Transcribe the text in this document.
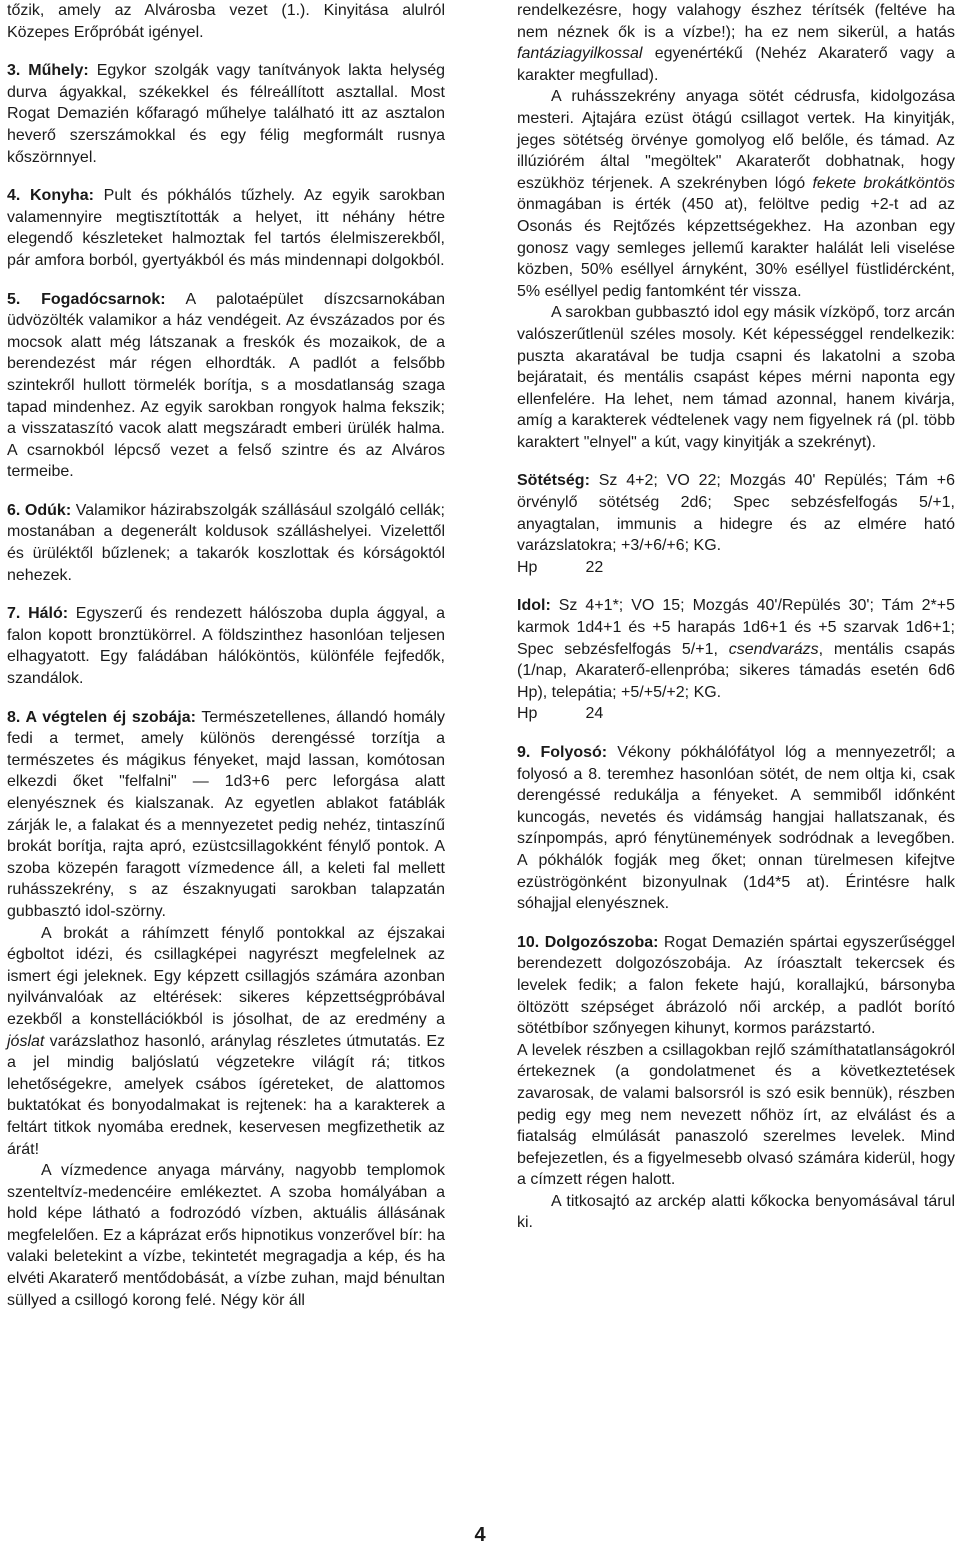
tőzik, amely az Alvárosba vezet (1.). Kinyitása alulról Közepes Erőpróbát igényel.

3. Műhely: Egykor szolgák vagy tanítványok lakta helység durva ágyakkal, székekkel és félreállított asztallal. Most Rogat Demazién kőfaragó műhelye található itt az asztalon heverő szerszámokkal és egy félig megformált rusnya kőszörnnyel.

4. Konyha: Pult és pókhálós tűzhely. Az egyik sarokban valamennyire megtisztították a helyet, itt néhány hétre elegendő készleteket halmoztak fel tartós élelmiszerekből, pár amfora borból, gyertyákból és más mindennapi dolgokból.

5. Fogadócsarnok: A palotaépület díszcsarnokában üdvözölték valamikor a ház vendégeit. Az évszázados por és mocsok alatt még látszanak a freskók és mozaikok, de a berendezést már régen elhordták. A padlót a felsőbb szintekről hullott törmelék borítja, s a mosdatlanság szaga tapad mindenhez. Az egyik sarokban rongyok halma fekszik; a visszataszító vacok alatt megszáradt emberi ürülék halma. A csarnokból lépcső vezet a felső szintre és az Alváros termeibe.

6. Odúk: Valamikor házirabszolgák szállásául szolgáló cellák; mostanában a degenerált koldusok szálláshelyei. Vizelettől és ürüléktől bűzlenek; a takarók koszlottak és kórságoktól nehezek.

7. Háló: Egyszerű és rendezett hálószoba dupla ággyal, a falon kopott bronztükörrel. A földszinthez hasonlóan teljesen elhagyatott. Egy faládában hálóköntös, különféle fejfedők, szandálok.

8. A végtelen éj szobája: Természetellenes, állandó homály fedi a termet, amely különös derengéssé torzítja a természetes és mágikus fényeket, majd lassan, komótosan elkezdi őket "felfalni" — 1d3+6 perc leforgása alatt elenyésznek és kialszanak. Az egyetlen ablakot fatáblák zárják le, a falakat és a mennyezetet pedig nehéz, tintaszínű brokát borítja, rajta apró, ezüstcsillagokként fénylő pontok. A szoba közepén faragott vízmedence áll, a keleti fal mellett ruhásszekrény, s az északnyugati sarokban talapzatán gubbasztó idol-szörny.

A brokát a ráhímzett fénylő pontokkal az éjszakai égboltot idézi, és csillagképei nagyrészt megfelelnek az ismert égi jeleknek. Egy képzett csillagjós számára azonban nyilvánvalóak az eltérések: sikeres képzettségpróbával ezekből a konstellációkból is jósolhat, de az eredmény a jóslat varázslathoz hasonló, aránylag részletes útmutatás. Ez a jel mindig baljóslatú végzetekre világít rá; titkos lehetőségekre, amelyek csábos ígéreteket, de alattomos buktatókat és bonyodalmakat is rejtenek: ha a karakterek a feltárt titkok nyomába erednek, keservesen megfizethetik az árát!

A vízmedence anyaga márvány, nagyobb templomok szenteltvíz-medencéire emlékeztet. A szoba homályában a hold képe látható a fodrozódó vízben, aktuális állásának megfelelően. Ez a káprázat erős hipnotikus vonzerővel bír: ha valaki beletekint a vízbe, tekintetét megragadja a kép, és ha elvéti Akaraterő mentődobását, a vízbe zuhan, majd bénultan süllyed a csillogó korong felé. Négy kör áll

rendelkezésre, hogy valahogy észhez térítsék (feltéve ha nem néznek ők is a vízbe!); ha ez nem sikerül, a hatás fantáziagyilkossal egyenértékű (Nehéz Akaraterő vagy a karakter megfullad).

A ruhásszekrény anyaga sötét cédrusfa, kidolgozása mesteri. Ajtajára ezüst ötágú csillagot vertek. Ha kinyitják, jeges sötétség örvénye gomolyog elő belőle, és támad. Az illúziórém által "megöltek" Akaraterőt dobhatnak, hogy eszükhöz térjenek. A szekrényben lógó fekete brokátköntös önmagában is érték (450 at), felöltve pedig +2-t ad az Osonás és Rejtőzés képzettségekhez. Ha azonban egy gonosz vagy semleges jellemű karakter halálát leli viselése közben, 50% eséllyel árnyként, 30% eséllyel füstlidércként, 5% eséllyel pedig fantomként tér vissza.

A sarokban gubbasztó idol egy másik vízköpő, torz arcán valószerűtlenül széles mosoly. Két képességgel rendelkezik: puszta akaratával be tudja csapni és lakatolni a szoba bejáratait, és mentális csapást képes mérni naponta egy ellenfelére. Ha lehet, nem támad azonnal, hanem kivárja, amíg a karakterek védtelenek vagy nem figyelnek rá (pl. több karaktert "elnyel" a kút, vagy kinyitják a szekrényt).

Sötétség: Sz 4+2; VO 22; Mozgás 40' Repülés; Tám +6 örvénylő sötétség 2d6; Spec sebzésfelfogás 5/+1, anyagtalan, immunis a hidegre és az elmére ható varázslatokra; +3/+6/+6; KG.

Hp	22

Idol: Sz 4+1*; VO 15; Mozgás 40'/Repülés 30'; Tám 2*+5 karmok 1d4+1 és +5 harapás 1d6+1 és +5 szarvak 1d6+1; Spec sebzésfelfogás 5/+1, csendvarázs, mentális csapás (1/nap, Akaraterő-ellenpróba; sikeres támadás esetén 6d6 Hp), telepátia; +5/+5/+2; KG.

Hp	24

9. Folyosó: Vékony pókhálófátyol lóg a mennyezetről; a folyosó a 8. teremhez hasonlóan sötét, de nem oltja ki, csak derengéssé redukálja a fényeket. A semmiből időnként kuncogás, nevetés és vidámság hangjai hallatszanak, és színpompás, apró fénytünemények sodródnak a levegőben. A pókhálók fogják meg őket; onnan türelmesen kifejtve ezüströgönként bizonyulnak (1d4*5 at). Érintésre halk sóhajjal elenyésznek.

10. Dolgozószoba: Rogat Demazién spártai egyszerűséggel berendezett dolgozószobája. Az íróasztalt tekercsek és levelek fedik; a falon fekete hajú, korallajkú, bársonyba öltözött szépséget ábrázoló női arckép, a padlót borító sötétbíbor szőnyegen kihunyt, kormos parázstartó.

A levelek részben a csillagokban rejlő számíthatatlanságokról értekeznek (a gondolatmenet és a következtetések zavarosak, de valami balsorsról is szó esik bennük), részben pedig egy meg nem nevezett nőhöz írt, az elválást és a fiatalság elmúlását panaszoló szerelmes levelek. Mind befejezetlen, és a figyelmesebb olvasó számára kiderül, hogy a címzett régen halott.

A titkosajtó az arckép alatti kőkocka benyomásával tárul ki.

4
